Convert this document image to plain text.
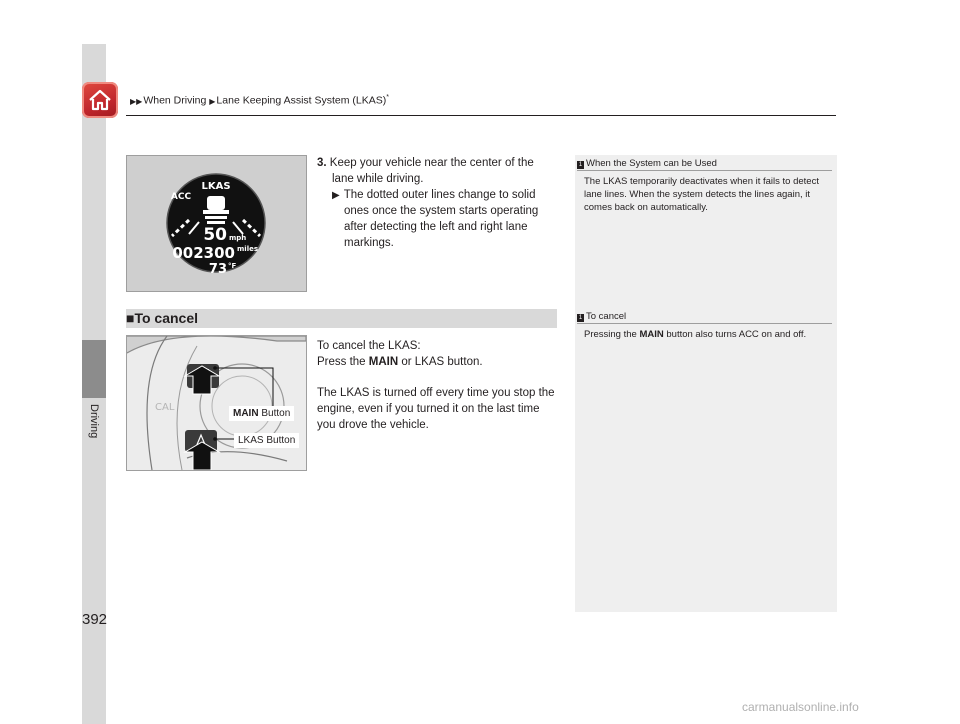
Driving
▶▶When Driving ▶Lane Keeping Assist System (LKAS)*
LKAS
ACC
50 mph
002300 miles
73 °F
3. Keep your vehicle near the center of the
lane while driving.
▶ The dotted outer lines change to solid
ones once the system starts operating after detecting the left and right lane markings.
■To cancel
CAL
MAIN Button
LKAS Button
To cancel the LKAS:
Press the MAIN or LKAS button.
The LKAS is turned off every time you stop the engine, even if you turned it on the last time you drove the vehicle.
1 When the System can be Used
The LKAS temporarily deactivates when it fails to detect lane lines. When the system detects the lines again, it comes back on automatically.
1 To cancel
Pressing the MAIN button also turns ACC on and off.
392
carmanualsonline.info
